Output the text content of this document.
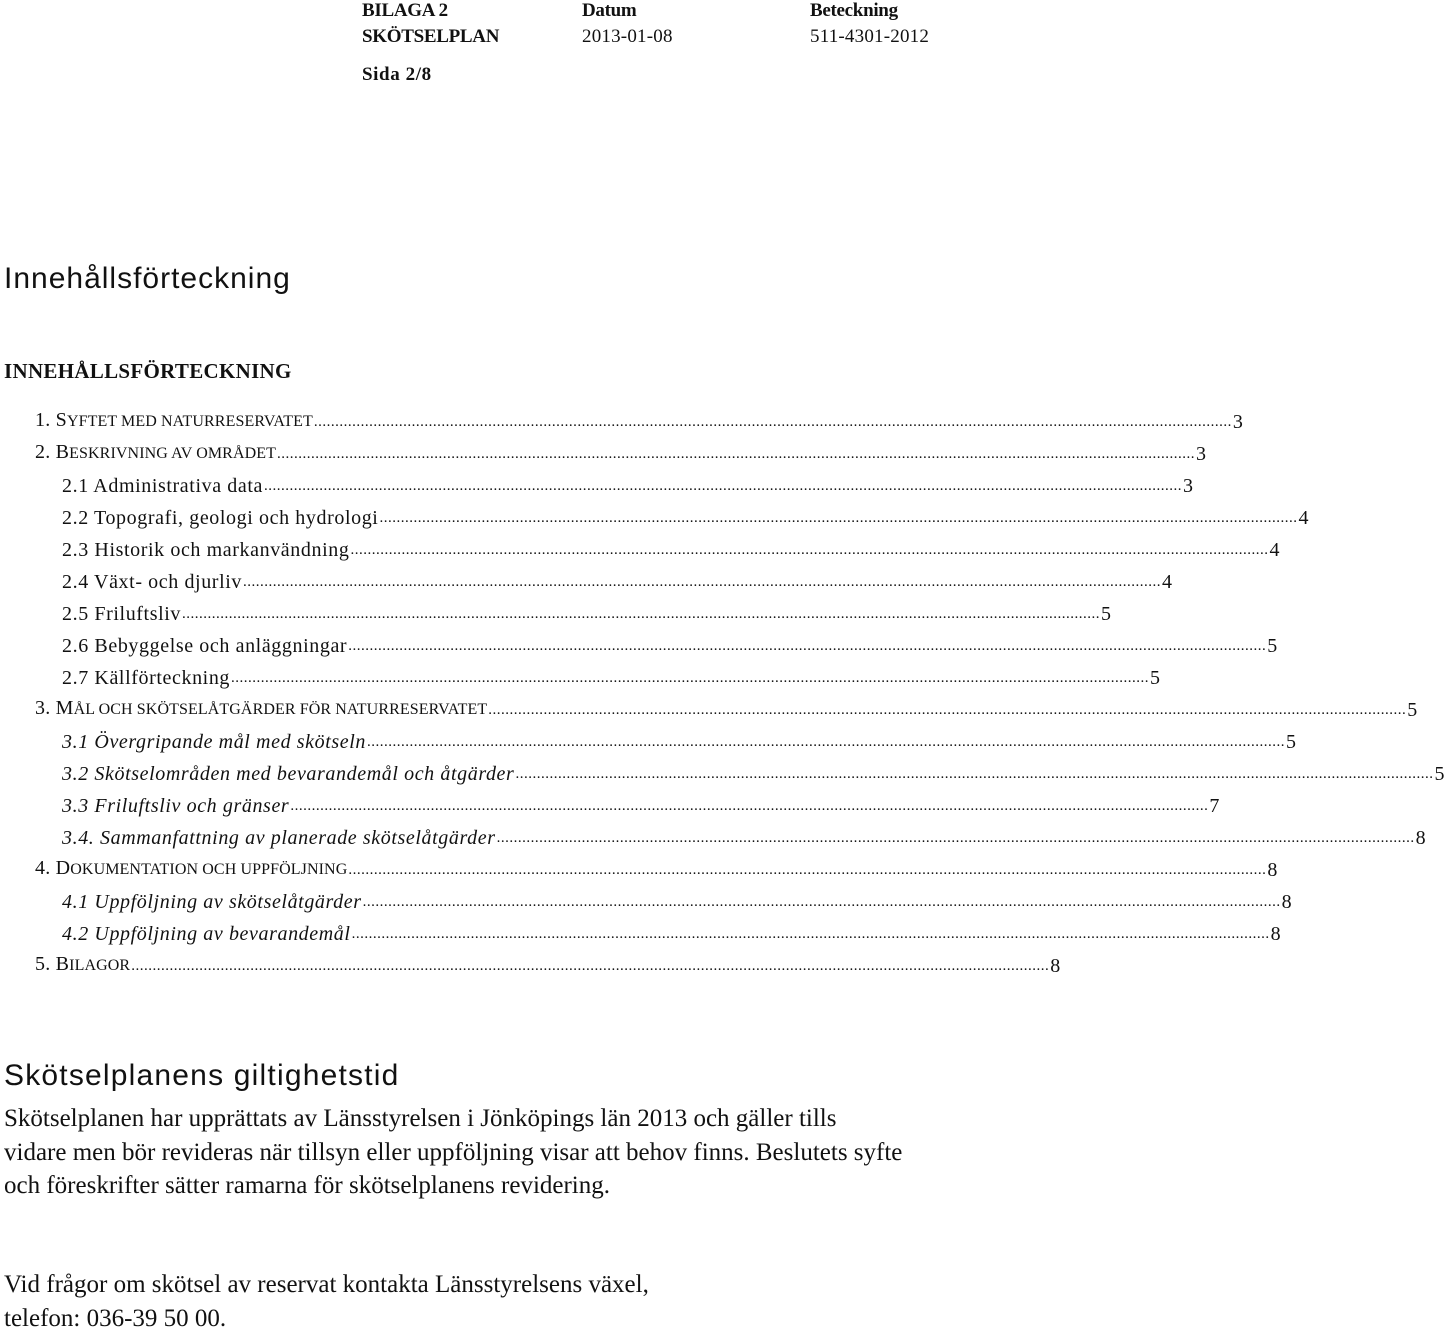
BILAGA 2	Datum	Beteckning
SKÖTSELPLAN	2013-01-08	511-4301-2012
Sida 2/8
Innehållsförteckning
INNEHÅLLSFÖRTECKNING
1. SYFTET MED NATURRESERVATET ........................................................................................................................................................................................................................ 3
2. BESKRIVNING AV OMRÅDET ........................................................................................................................................................................................................................ 3
2.1 Administrativa data ........................................................................................................................................................................................................................ 3
2.2 Topografi, geologi och hydrologi ........................................................................................................................................................................................................................ 4
2.3 Historik och markanvändning ........................................................................................................................................................................................................................ 4
2.4 Växt- och djurliv ........................................................................................................................................................................................................................ 4
2.5 Friluftsliv ........................................................................................................................................................................................................................ 5
2.6 Bebyggelse och anläggningar ........................................................................................................................................................................................................................ 5
2.7 Källförteckning ........................................................................................................................................................................................................................ 5
3. MÅL OCH SKÖTSELÅTGÄRDER FÖR NATURRESERVATET ........................................................................................................................................................................................................................ 5
3.1 Övergripande mål med skötseln ........................................................................................................................................................................................................................ 5
3.2 Skötselområden med bevarandemål och åtgärder ........................................................................................................................................................................................................................ 5
3.3 Friluftsliv och gränser ........................................................................................................................................................................................................................ 7
3.4. Sammanfattning av planerade skötselåtgärder ........................................................................................................................................................................................................................ 8
4. DOKUMENTATION OCH UPPFÖLJNING ........................................................................................................................................................................................................................ 8
4.1 Uppföljning av skötselåtgärder ........................................................................................................................................................................................................................ 8
4.2 Uppföljning av bevarandemål ........................................................................................................................................................................................................................ 8
5. BILAGOR ........................................................................................................................................................................................................................ 8
Skötselplanens giltighetstid

Skötselplanen har upprättats av Länsstyrelsen i Jönköpings län 2013 och gäller tills vidare men bör revideras när tillsyn eller uppföljning visar att behov finns. Beslutets syfte och föreskrifter sätter ramarna för skötselplanens revidering.

Vid frågor om skötsel av reservat kontakta Länsstyrelsens växel, telefon: 036-39 50 00.
